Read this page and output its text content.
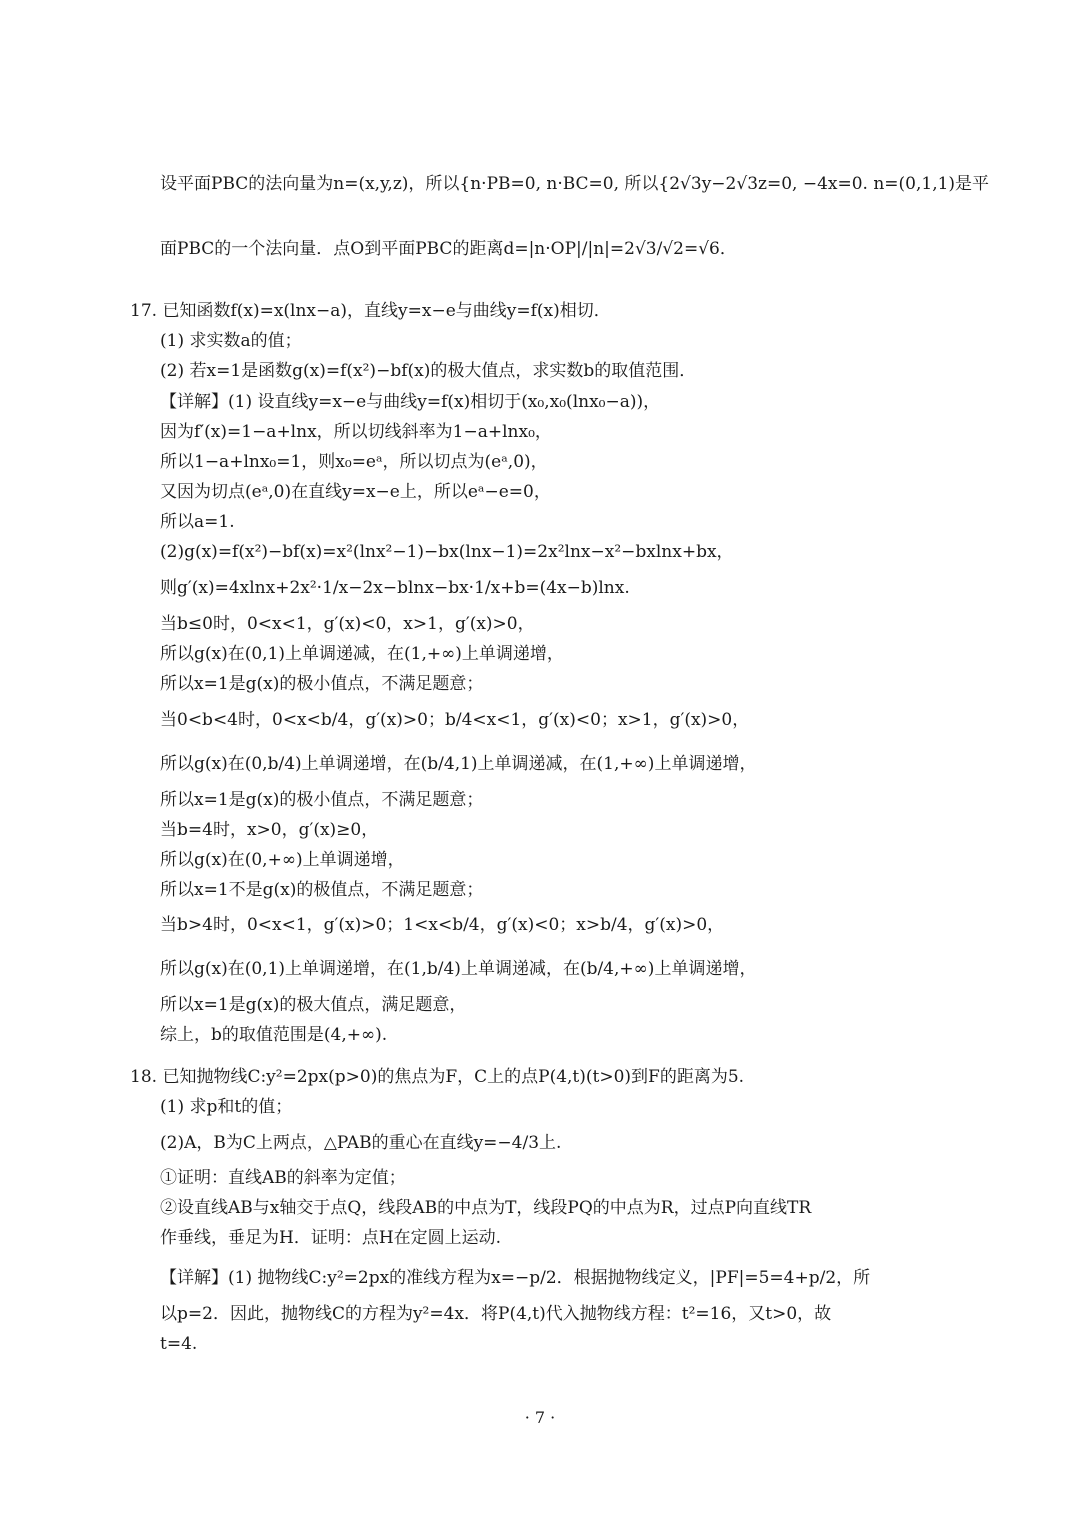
设平面PBC的法向量为n=(x,y,z)，所以{n·PB=0, n·BC=0, 所以{2√3y−2√3z=0, −4x=0. n=(0,1,1)是平
面PBC的一个法向量．点O到平面PBC的距离d=|n·OP|/|n|=2√3/√2=√6．
17. 已知函数f(x)=x(lnx−a)，直线y=x−e与曲线y=f(x)相切．
(1) 求实数a的值；
(2) 若x=1是函数g(x)=f(x²)−bf(x)的极大值点，求实数b的取值范围．
【详解】(1) 设直线y=x−e与曲线y=f(x)相切于(x₀,x₀(lnx₀−a))，
因为f′(x)=1−a+lnx，所以切线斜率为1−a+lnx₀，
所以1−a+lnx₀=1，则x₀=eᵃ，所以切点为(eᵃ,0)，
又因为切点(eᵃ,0)在直线y=x−e上，所以eᵃ−e=0，
所以a=1.
(2)g(x)=f(x²)−bf(x)=x²(lnx²−1)−bx(lnx−1)=2x²lnx−x²−bxlnx+bx，
则g′(x)=4xlnx+2x²·1/x−2x−blnx−bx·1/x+b=(4x−b)lnx.
当b≤0时，0<x<1，g′(x)<0，x>1，g′(x)>0，
所以g(x)在(0,1)上单调递减，在(1,+∞)上单调递增，
所以x=1是g(x)的极小值点，不满足题意；
当0<b<4时，0<x<b/4，g′(x)>0；b/4<x<1，g′(x)<0；x>1，g′(x)>0，
所以g(x)在(0,b/4)上单调递增，在(b/4,1)上单调递减，在(1,+∞)上单调递增，
所以x=1是g(x)的极小值点，不满足题意；
当b=4时，x>0，g′(x)≥0，
所以g(x)在(0,+∞)上单调递增，
所以x=1不是g(x)的极值点，不满足题意；
当b>4时，0<x<1，g′(x)>0；1<x<b/4，g′(x)<0；x>b/4，g′(x)>0，
所以g(x)在(0,1)上单调递增，在(1,b/4)上单调递减，在(b/4,+∞)上单调递增，
所以x=1是g(x)的极大值点，满足题意，
综上，b的取值范围是(4,+∞).
18. 已知抛物线C:y²=2px(p>0)的焦点为F，C上的点P(4,t)(t>0)到F的距离为5.
(1) 求p和t的值；
(2)A，B为C上两点，△PAB的重心在直线y=−4/3上.
①证明：直线AB的斜率为定值；
②设直线AB与x轴交于点Q，线段AB的中点为T，线段PQ的中点为R，过点P向直线TR
作垂线，垂足为H．证明：点H在定圆上运动.
【详解】(1) 抛物线C:y²=2px的准线方程为x=−p/2．根据抛物线定义，|PF|=5=4+p/2，所
以p=2．因此，抛物线C的方程为y²=4x．将P(4,t)代入抛物线方程：t²=16，又t>0，故
t=4.
· 7 ·
